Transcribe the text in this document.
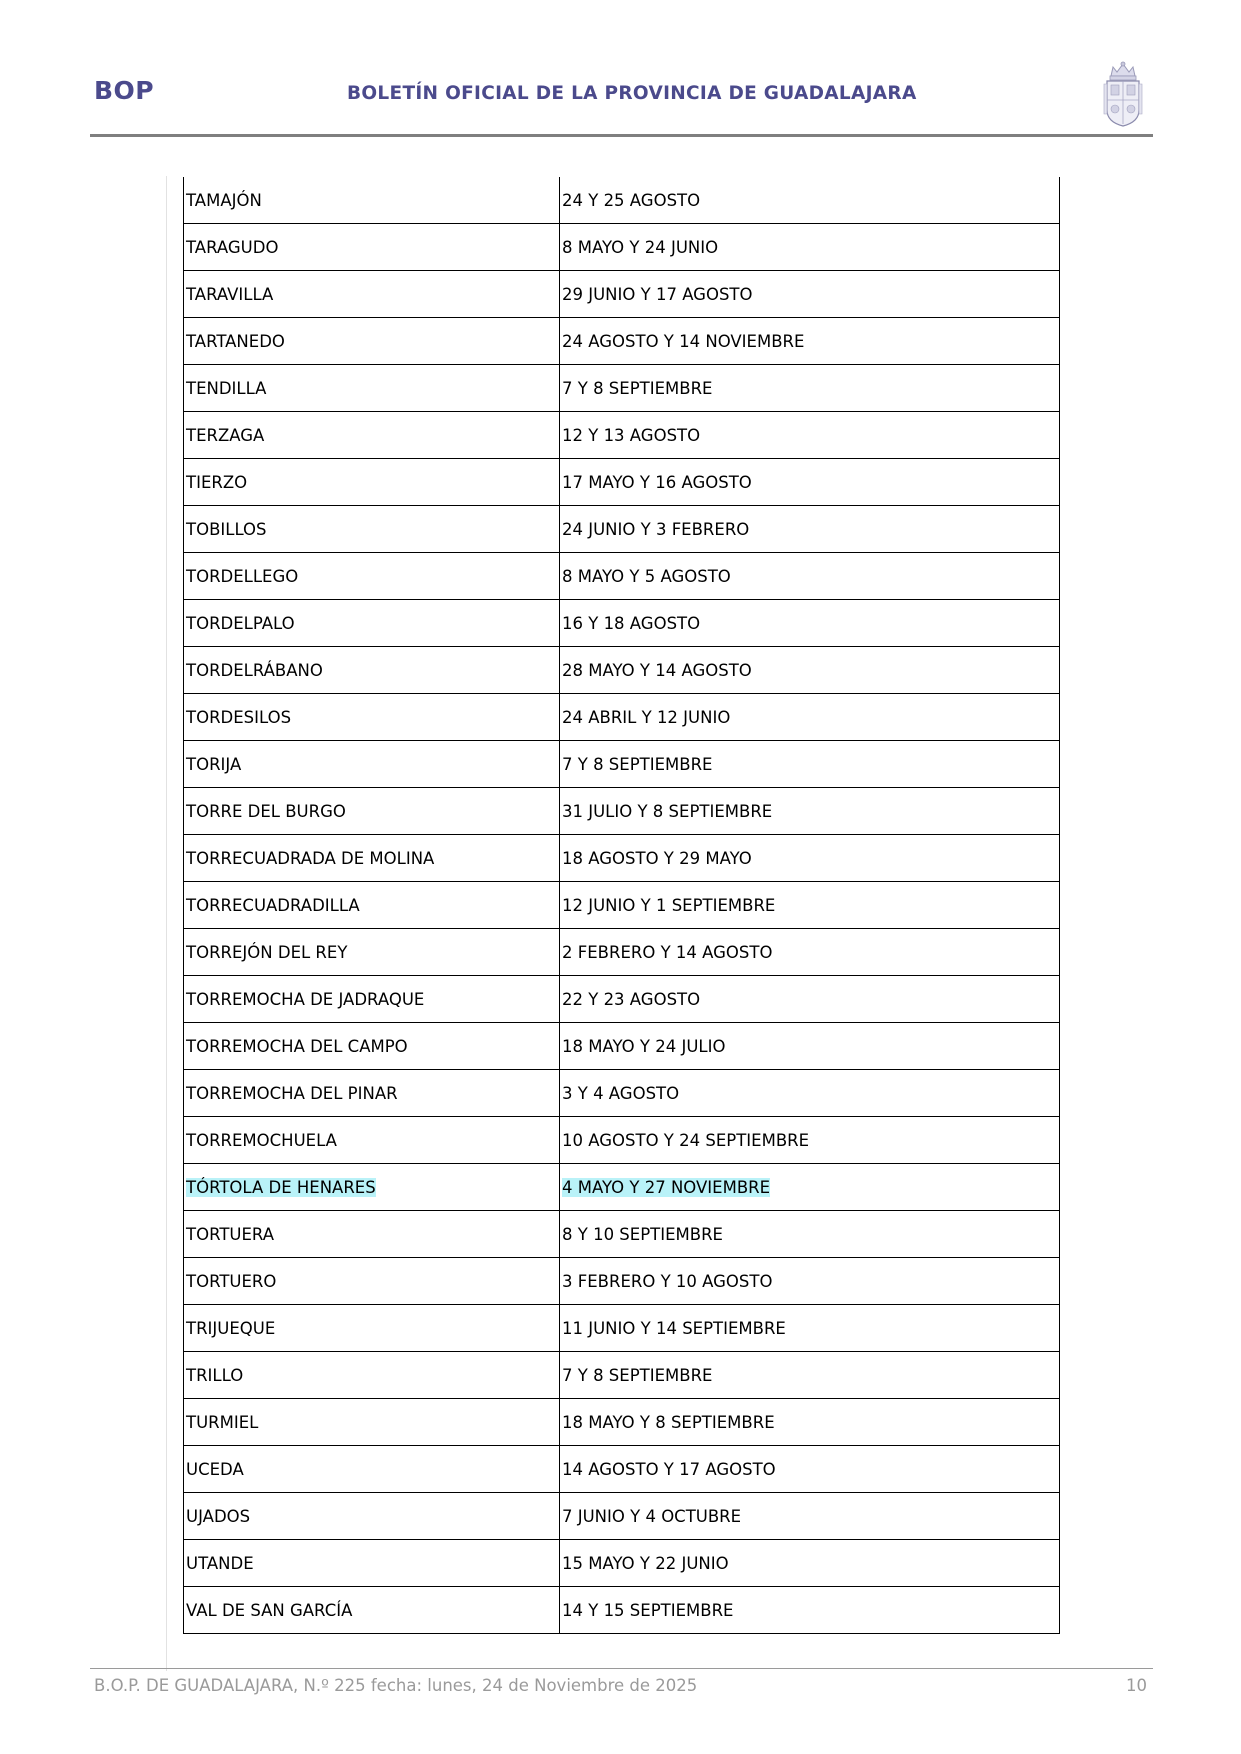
BOP	BOLETÍN OFICIAL DE LA PROVINCIA DE GUADALAJARA
TAMAJÓN	24 Y 25 AGOSTO
TARAGUDO	8 MAYO Y 24 JUNIO
TARAVILLA	29 JUNIO Y 17 AGOSTO
TARTANEDO	24 AGOSTO Y 14 NOVIEMBRE
TENDILLA	7 Y 8 SEPTIEMBRE
TERZAGA	12 Y 13 AGOSTO
TIERZO	17 MAYO Y 16 AGOSTO
TOBILLOS	24 JUNIO Y 3 FEBRERO
TORDELLEGO	8 MAYO Y 5 AGOSTO
TORDELPALO	16 Y 18 AGOSTO
TORDELRÁBANO	28 MAYO Y 14 AGOSTO
TORDESILOS	24 ABRIL Y 12 JUNIO
TORIJA	7 Y 8 SEPTIEMBRE
TORRE DEL BURGO	31 JULIO Y 8 SEPTIEMBRE
TORRECUADRADA DE MOLINA	18 AGOSTO Y 29 MAYO
TORRECUADRADILLA	12 JUNIO Y 1 SEPTIEMBRE
TORREJÓN DEL REY	2 FEBRERO Y 14 AGOSTO
TORREMOCHA DE JADRAQUE	22 Y 23 AGOSTO
TORREMOCHA DEL CAMPO	18 MAYO Y 24 JULIO
TORREMOCHA DEL PINAR	3 Y 4 AGOSTO
TORREMOCHUELA	10 AGOSTO Y 24 SEPTIEMBRE
TÓRTOLA DE HENARES	4 MAYO Y 27 NOVIEMBRE
TORTUERA	8 Y 10 SEPTIEMBRE
TORTUERO	3 FEBRERO Y 10 AGOSTO
TRIJUEQUE	11 JUNIO Y 14 SEPTIEMBRE
TRILLO	7 Y 8 SEPTIEMBRE
TURMIEL	18 MAYO Y 8 SEPTIEMBRE
UCEDA	14 AGOSTO Y 17 AGOSTO
UJADOS	7 JUNIO Y 4 OCTUBRE
UTANDE	15 MAYO Y 22 JUNIO
VAL DE SAN GARCÍA	14 Y 15 SEPTIEMBRE
B.O.P. DE GUADALAJARA, N.º 225 fecha: lunes, 24 de Noviembre de 2025	10
